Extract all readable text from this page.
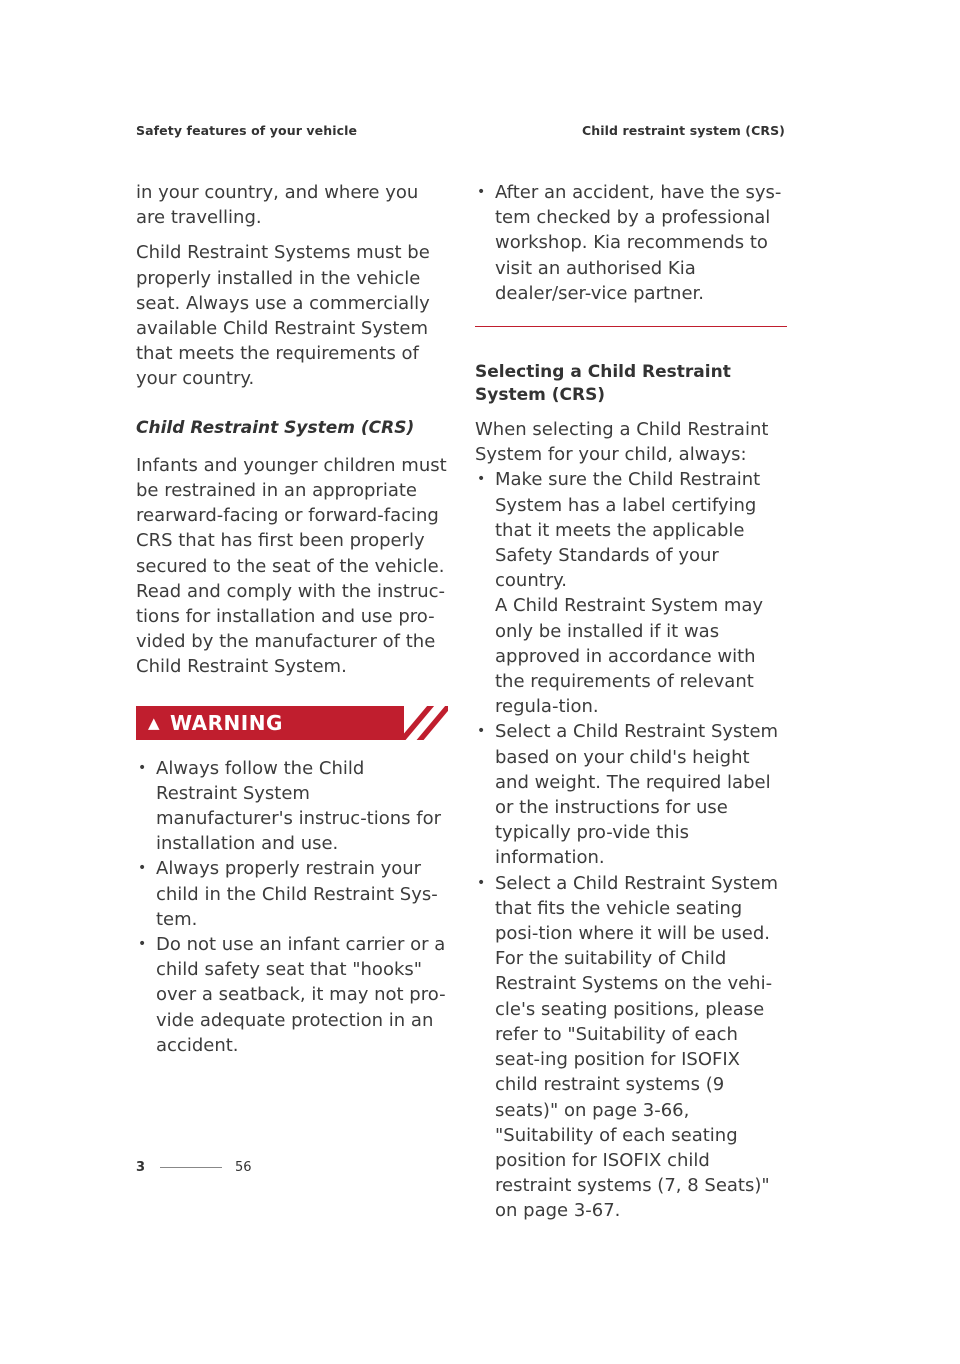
Safety features of your vehicle	Child restraint system (CRS)

in your country, and where you are travelling.

Child Restraint Systems must be properly installed in the vehicle seat. Always use a commercially available Child Restraint System that meets the requirements of your country.

Child Restraint System (CRS)

Infants and younger children must be restrained in an appropriate rearward-facing or forward-facing CRS that has first been properly secured to the seat of the vehicle. Read and comply with the instruc-tions for installation and use pro-vided by the manufacturer of the Child Restraint System.

▲ WARNING
• Always follow the Child Restraint System manufacturer's instruc-tions for installation and use.
• Always properly restrain your child in the Child Restraint Sys-tem.
• Do not use an infant carrier or a child safety seat that "hooks" over a seatback, it may not pro-vide adequate protection in an accident.
• After an accident, have the sys-tem checked by a professional workshop. Kia recommends to visit an authorised Kia dealer/ser-vice partner.
Selecting a Child Restraint System (CRS)

When selecting a Child Restraint System for your child, always:

• Make sure the Child Restraint System has a label certifying that it meets the applicable Safety Standards of your country.
A Child Restraint System may only be installed if it was approved in accordance with the requirements of relevant regula-tion.
• Select a Child Restraint System based on your child's height and weight. The required label or the instructions for use typically pro-vide this information.
• Select a Child Restraint System that fits the vehicle seating posi-tion where it will be used.
For the suitability of Child Restraint Systems on the vehi-cle's seating positions, please refer to "Suitability of each seat-ing position for ISOFIX child restraint systems (9 seats)" on page 3-66, "Suitability of each seating position for ISOFIX child restraint systems (7, 8 Seats)" on page 3-67.
3	56
